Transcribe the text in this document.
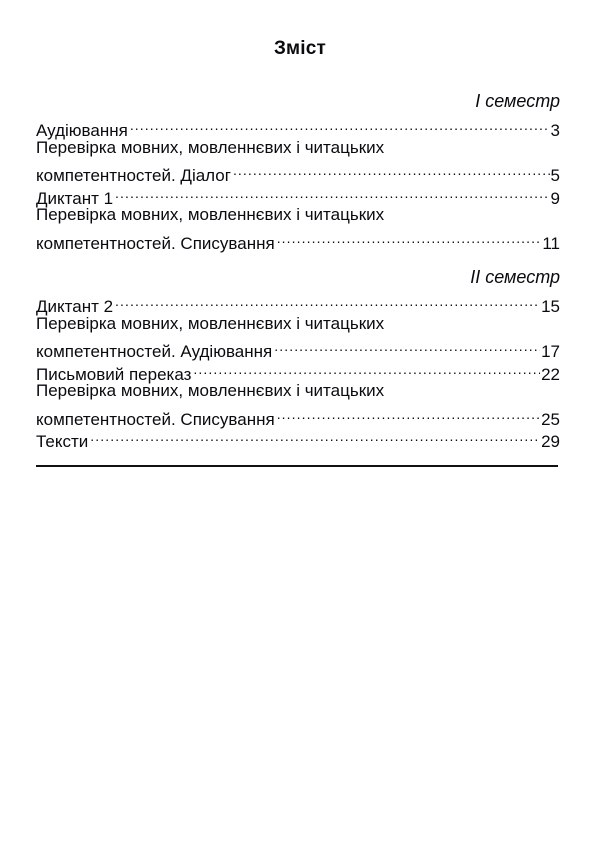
Зміст
І семестр
Аудіювання .....	3
Перевірка мовних, мовленнєвих і читацьких
компетентностей. Діалог .....	5
Диктант 1 .....	9
Перевірка мовних, мовленнєвих і читацьких
компетентностей. Списування .....	11
ІІ семестр
Диктант 2 .....	15
Перевірка мовних, мовленнєвих і читацьких
компетентностей. Аудіювання .....	17
Письмовий переказ .....	22
Перевірка мовних, мовленнєвих і читацьких
компетентностей. Списування .....	25
Тексти .....	29
